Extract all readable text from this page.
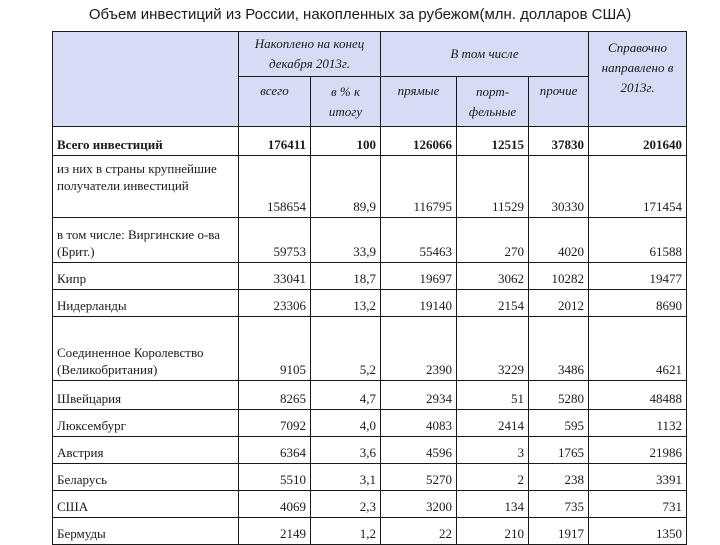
Объем инвестиций из России, накопленных за рубежом(млн. долларов США)
	Накоплено на конец декабря 2013г.		В том числе			Справочно направлено в 2013г.
	всего	в % к итогу	прямые	порт-фельные	прочие	
Всего инвестиций	176411	100	126066	12515	37830	201640
из них в страны крупнейшие получатели инвестиций	158654	89,9	116795	11529	30330	171454
в том числе: Виргинские о-ва (Брит.)	59753	33,9	55463	270	4020	61588
Кипр	33041	18,7	19697	3062	10282	19477
Нидерланды	23306	13,2	19140	2154	2012	8690
Соединенное Королевство (Великобритания)	9105	5,2	2390	3229	3486	4621
Швейцария	8265	4,7	2934	51	5280	48488
Люксембург	7092	4,0	4083	2414	595	1132
Австрия	6364	3,6	4596	3	1765	21986
Беларусь	5510	3,1	5270	2	238	3391
США	4069	2,3	3200	134	735	731
Бермуды	2149	1,2	22	210	1917	1350
